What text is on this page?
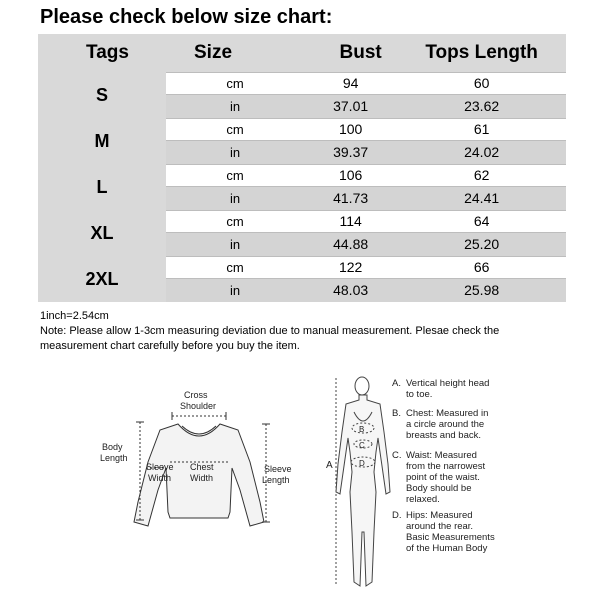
Please check below size chart:
Tags	Size	Bust	Tops Length
S	cm	94	60
	in	37.01	23.62
M	cm	100	61
	in	39.37	24.02
L	cm	106	62
	in	41.73	24.41
XL	cm	114	64
	in	44.88	25.20
2XL	cm	122	66
	in	48.03	25.98
1inch=2.54cm
Note: Please allow 1-3cm measuring deviation due to manual measurement. Plesae check the
measurement chart carefully before you buy the item.
Cross
Shoulder
Body
Length
Sleeve
Width
Chest
Width
Sleeve
Length
A
B
C
D
A. Vertical height head
to toe.
B. Chest: Measured in
a circle around the
breasts and back.
C. Waist: Measured
from the narrowest
point of the waist.
Body should be
relaxed.
D. Hips: Measured
around the rear.
Basic Measurements
of the Human Body
